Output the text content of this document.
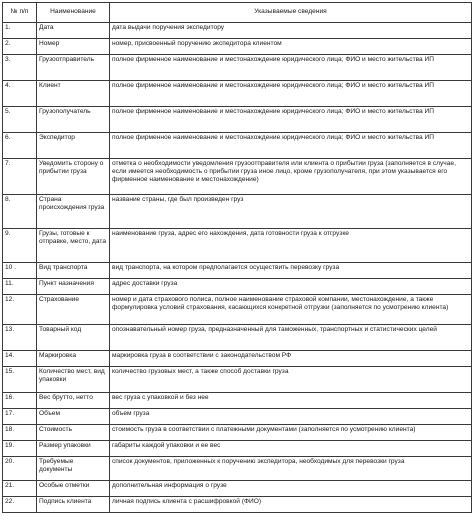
№ п/п	Наименование	Указываемые сведения
1.	Дата	дата выдачи поручения экспедитору
2.	Номер	номер, присвоенный поручению экспедитора клиентом
3.	Грузоотправитель	полное фирменное наименование и местонахождение юридического лица; ФИО и место жительства ИП
4.	Клиент	полное фирменное наименование и местонахождение юридического лица; ФИО и место жительства ИП
5.	Грузополучатель	полное фирменное наименование и местонахождение юридического лица; ФИО и место жительства ИП
6.	Экспедитор	полное фирменное наименование и местонахождение юридического лица; ФИО и место жительства ИП
7.	Уведомить сторону о прибытии груза	отметка о необходимости уведомления грузоотправителя или клиента о прибытии груза (заполняется в случае, если имеется необходимость о прибытии груза иное лицо, кроме грузополучателя, при этом указывается его фирменное наименование и местонахождение)
8.	Страна происхождения груза	название страны, где был произведен груз
9.	Грузы, готовые к отправке, место, дата	наименование груза, адрес его нахождения, дата готовности груза к отгрузке
10 .	Вид транспорта	вид транспорта, на котором предполагается осуществить перевозку груза
11.	Пункт назначения	адрес доставки груза
12.	Страхование	номер и дата страхового полиса, полное наименование страховой компании, местонахождение, а также формулировка условий страхования, касающихся конкретной отгрузки (заполняется по усмотрению клиента)
13.	Товарный код	опознавательный номер груза, предназначенный для таможенных, транспортных и статистических целей
14.	Маркировка	маркировка груза в соответствии с законодательством РФ
15.	Количество мест, вид упаковки	количество грузовых мест, а также способ доставки груза
16.	Вес брутто, нетто	вес груза с упаковкой и без нее
17.	Объем	объем груза
18.	Стоимость	стоимость груза в соответствии с платежными документами (заполняется по усмотрению клиента)
19.	Размер упаковки	габариты каждой упаковки и ее вес
20.	Требуемые документы	список документов, приложенных к поручению экспедитора, необходимых для перевозки груза
21.	Особые отметки	дополнительная информация о грузе
22.	Подпись клиента	личная подпись клиента с расшифровкой (ФИО)
